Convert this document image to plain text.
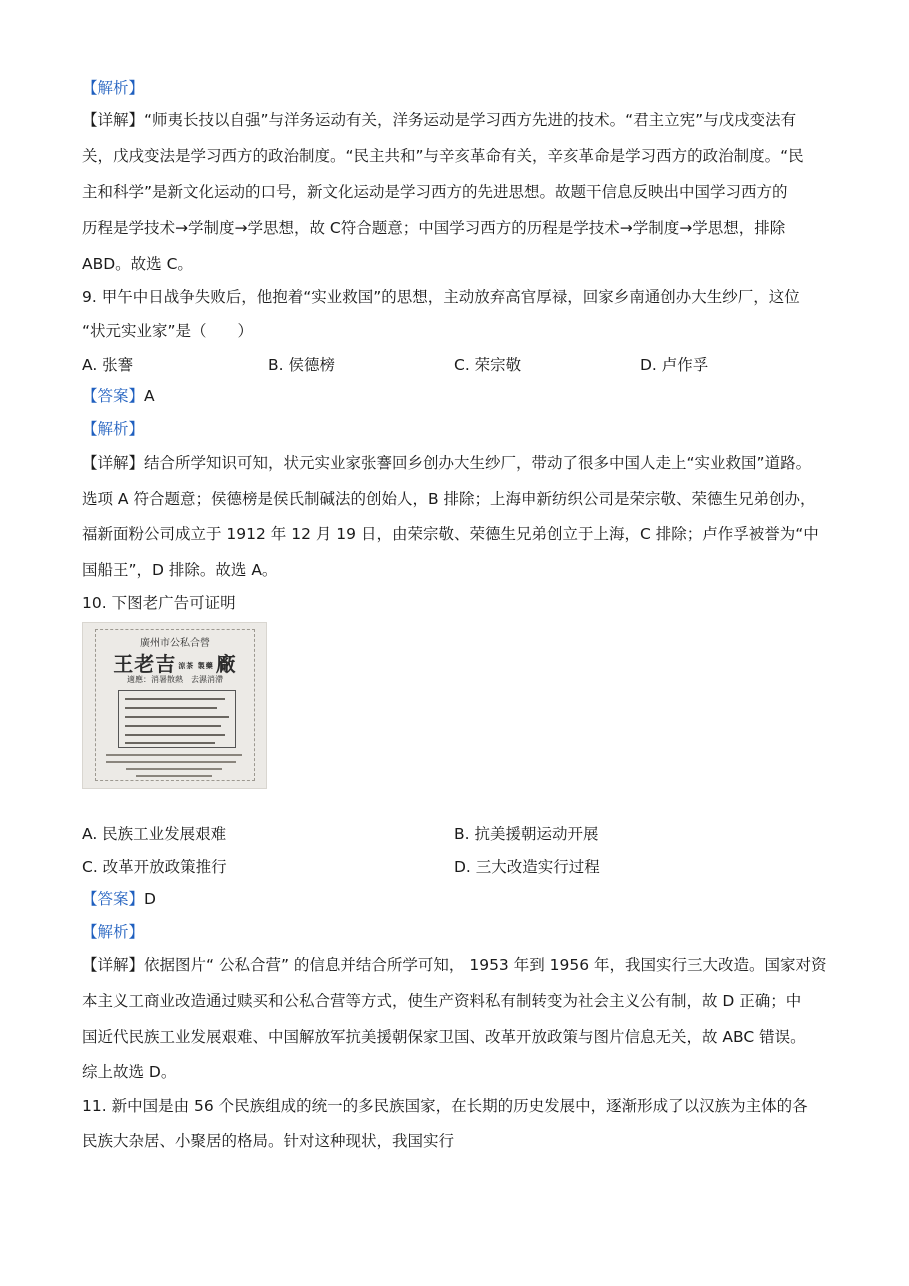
【解析】
【详解】“师夷长技以自强”与洋务运动有关，洋务运动是学习西方先进的技术。“君主立宪”与戊戌变法有
关，戊戌变法是学习西方的政治制度。“民主共和”与辛亥革命有关，辛亥革命是学习西方的政治制度。“民
主和科学”是新文化运动的口号，新文化运动是学习西方的先进思想。故题干信息反映出中国学习西方的
历程是学技术→学制度→学思想，故 C符合题意；中国学习西方的历程是学技术→学制度→学思想，排除
ABD。故选 C。
9. 甲午中日战争失败后，他抱着“实业救国”的思想，主动放弃高官厚禄，回家乡南通创办大生纱厂，这位
“状元实业家”是（　　）
A. 张謇	B. 侯德榜	C. 荣宗敬	D. 卢作孚
【答案】A
【解析】
【详解】结合所学知识可知，状元实业家张謇回乡创办大生纱厂，带动了很多中国人走上“实业救国”道路。
选项 A 符合题意；侯德榜是侯氏制碱法的创始人，B 排除；上海申新纺织公司是荣宗敬、荣德生兄弟创办，
福新面粉公司成立于 1912 年 12 月 19 日，由荣宗敬、荣德生兄弟创立于上海，C 排除；卢作孚被誉为“中
国船王”，D 排除。故选 A。
10. 下图老广告可证明
廣州市公私合營
王老吉 涼茶 製藥 廠
適應：消暑散熱　去濕消滯
A. 民族工业发展艰难	B. 抗美援朝运动开展
C. 改革开放政策推行	D. 三大改造实行过程
【答案】D
【解析】
【详解】依据图片“ 公私合营” 的信息并结合所学可知， 1953 年到 1956 年，我国实行三大改造。国家对资
本主义工商业改造通过赎买和公私合营等方式，使生产资料私有制转变为社会主义公有制，故 D 正确；中
国近代民族工业发展艰难、中国解放军抗美援朝保家卫国、改革开放政策与图片信息无关，故 ABC 错误。
综上故选 D。
11. 新中国是由 56 个民族组成的统一的多民族国家，在长期的历史发展中，逐渐形成了以汉族为主体的各
民族大杂居、小聚居的格局。针对这种现状，我国实行
